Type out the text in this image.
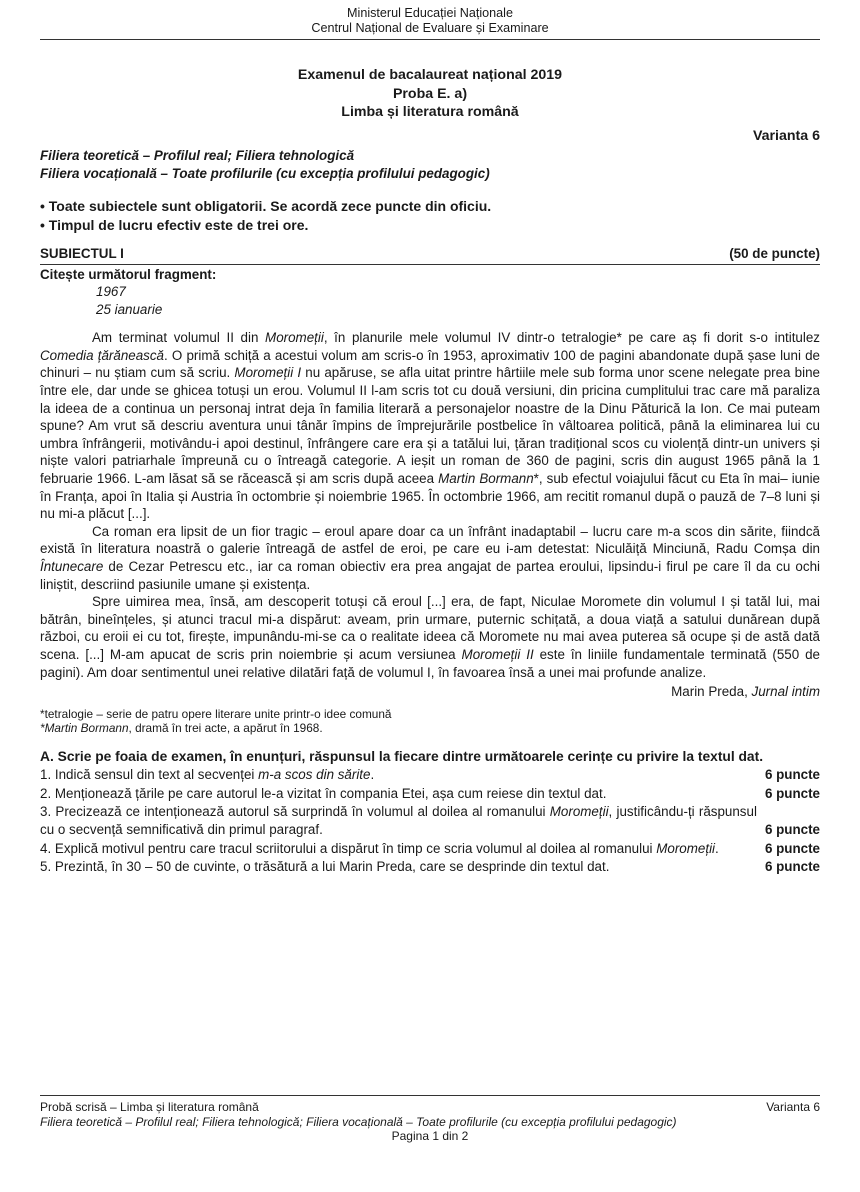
Ministerul Educației Naționale
Centrul Național de Evaluare și Examinare
Examenul de bacalaureat național 2019
Proba E. a)
Limba și literatura română
Varianta 6
Filiera teoretică – Profilul real; Filiera tehnologică
Filiera vocațională – Toate profilurile (cu excepția profilului pedagogic)
• Toate subiectele sunt obligatorii. Se acordă zece puncte din oficiu.
• Timpul de lucru efectiv este de trei ore.
SUBIECTUL I	(50 de puncte)
Citește următorul fragment:
1967
25 ianuarie

Am terminat volumul II din Moromeții, în planurile mele volumul IV dintr-o tetralogie* pe care aș fi dorit s-o intitulez Comedia țărănească. O primă schiță a acestui volum am scris-o în 1953, aproximativ 100 de pagini abandonate după șase luni de chinuri – nu știam cum să scriu. Moromeții I nu apăruse, se afla uitat printre hârtiile mele sub forma unor scene nelegate prea bine între ele, dar unde se ghicea totuși un erou. Volumul II l-am scris tot cu două versiuni, din pricina cumplitului trac care mă paraliza la ideea de a continua un personaj intrat deja în familia literară a personajelor noastre de la Dinu Păturică la Ion. Ce mai puteam spune? Am vrut să descriu aventura unui tânăr împins de împrejurările postbelice în vâltoarea politică, până la eliminarea lui cu umbra înfrângerii, motivându-i apoi destinul, înfrângere care era și a tatălui lui, țăran tradițional scos cu violență dintr-un univers și niște valori patriarhale împreună cu o întreagă categorie. A ieșit un roman de 360 de pagini, scris din august 1965 până la 1 februarie 1966. L-am lăsat să se răcească și am scris după aceea Martin Bormann*, sub efectul voiajului făcut cu Eta în mai– iunie în Franța, apoi în Italia și Austria în octombrie și noiembrie 1965. În octombrie 1966, am recitit romanul după o pauză de 7–8 luni și nu mi-a plăcut [...].

Ca roman era lipsit de un fior tragic – eroul apare doar ca un înfrânt inadaptabil – lucru care m-a scos din sărite, fiindcă există în literatura noastră o galerie întreagă de astfel de eroi, pe care eu i-am detestat: Niculăiță Minciună, Radu Comșa din Întunecare de Cezar Petrescu etc., iar ca roman obiectiv era prea angajat de partea eroului, lipsindu-i firul pe care îl da cu ochi liniștit, descriind pasiunile umane și existența.

Spre uimirea mea, însă, am descoperit totuși că eroul [...] era, de fapt, Niculae Moromete din volumul I și tatăl lui, mai bătrân, bineînțeles, și atunci tracul mi-a dispărut: aveam, prin urmare, puternic schițată, a doua viață a satului dunărean după război, cu eroii ei cu tot, firește, impunându-mi-se ca o realitate ideea că Moromete nu mai avea puterea să ocupe și de astă dată scena. [...] M-am apucat de scris prin noiembrie și acum versiunea Moromeții II este în liniile fundamentale terminată (550 de pagini). Am doar sentimentul unei relative dilatări față de volumul I, în favoarea însă a unei mai profunde analize.

Marin Preda, Jurnal intim
*tetralogie – serie de patru opere literare unite printr-o idee comună
*Martin Bormann, dramă în trei acte, a apărut în 1968.
A. Scrie pe foaia de examen, în enunțuri, răspunsul la fiecare dintre următoarele cerințe cu privire la textul dat.
1. Indică sensul din text al secvenței m-a scos din sărite.	6 puncte
2. Menționează țările pe care autorul le-a vizitat în compania Etei, așa cum reiese din textul dat.	6 puncte
3. Precizează ce intenționează autorul să surprindă în volumul al doilea al romanului Moromeții, justificându-ți răspunsul cu o secvență semnificativă din primul paragraf.	6 puncte
4. Explică motivul pentru care tracul scriitorului a dispărut în timp ce scria volumul al doilea al romanului Moromeții.	6 puncte
5. Prezintă, în 30 – 50 de cuvinte, o trăsătură a lui Marin Preda, care se desprinde din textul dat.	6 puncte
Probă scrisă – Limba și literatura română	Varianta 6
Filiera teoretică – Profilul real; Filiera tehnologică; Filiera vocațională – Toate profilurile (cu excepția profilului pedagogic)
Pagina 1 din 2
